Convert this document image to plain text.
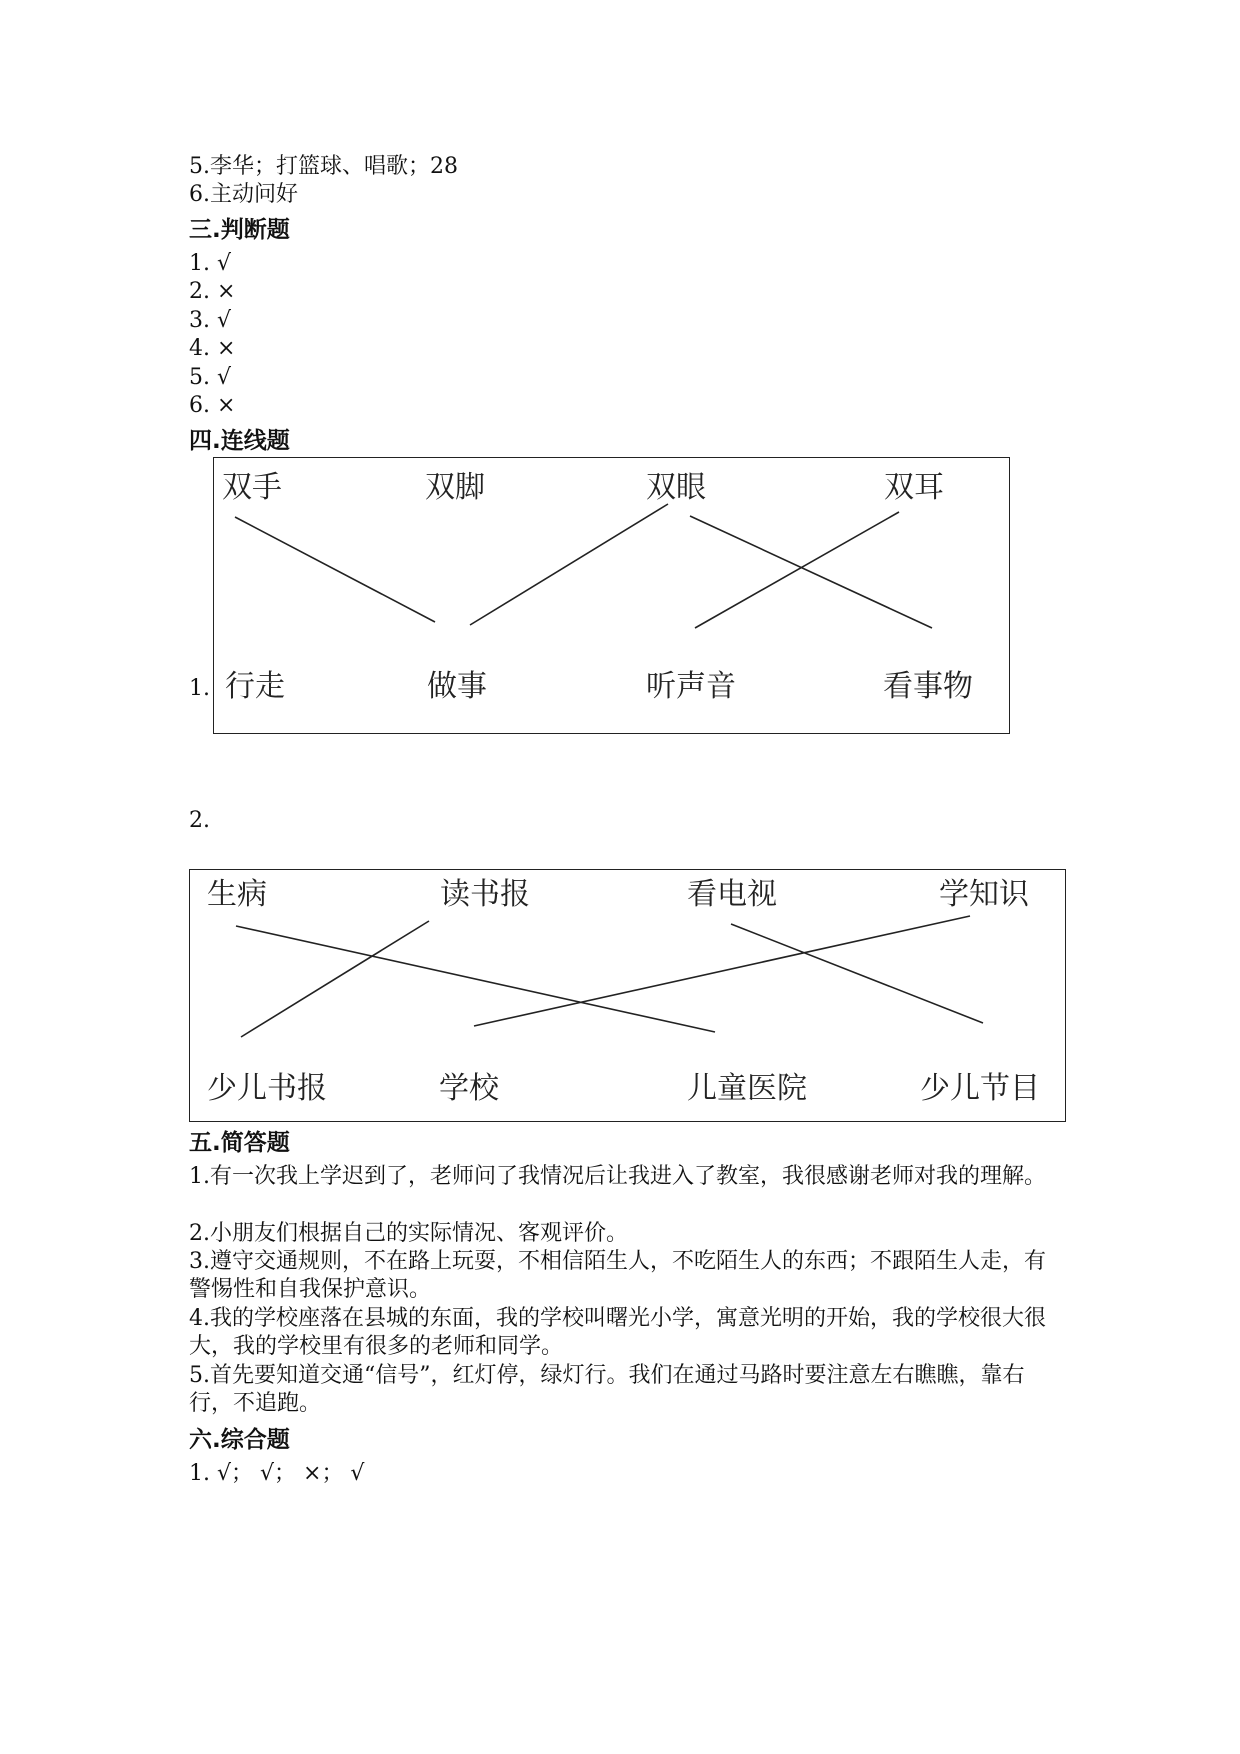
5.李华；打篮球、唱歌；28
6.主动问好
三.判断题
1. √
2. ×
3. √
4. ×
5. √
6. ×
四.连线题
1.
双手	双脚	双眼	双耳
行走	做事	听声音	看事物
2.
生病	读书报	看电视	学知识
少儿书报	学校	儿童医院	少儿节目
五.简答题
1.有一次我上学迟到了，老师问了我情况后让我进入了教室，我很感谢老师对我的理解。
2.小朋友们根据自己的实际情况、客观评价。
3.遵守交通规则，不在路上玩耍，不相信陌生人，不吃陌生人的东西；不跟陌生人走，有警惕性和自我保护意识。
4.我的学校座落在县城的东面，我的学校叫曙光小学，寓意光明的开始，我的学校很大很大，我的学校里有很多的老师和同学。
5.首先要知道交通“信号”，红灯停，绿灯行。我们在通过马路时要注意左右瞧瞧，靠右行，不追跑。
六.综合题
1. √； √； ×； √
